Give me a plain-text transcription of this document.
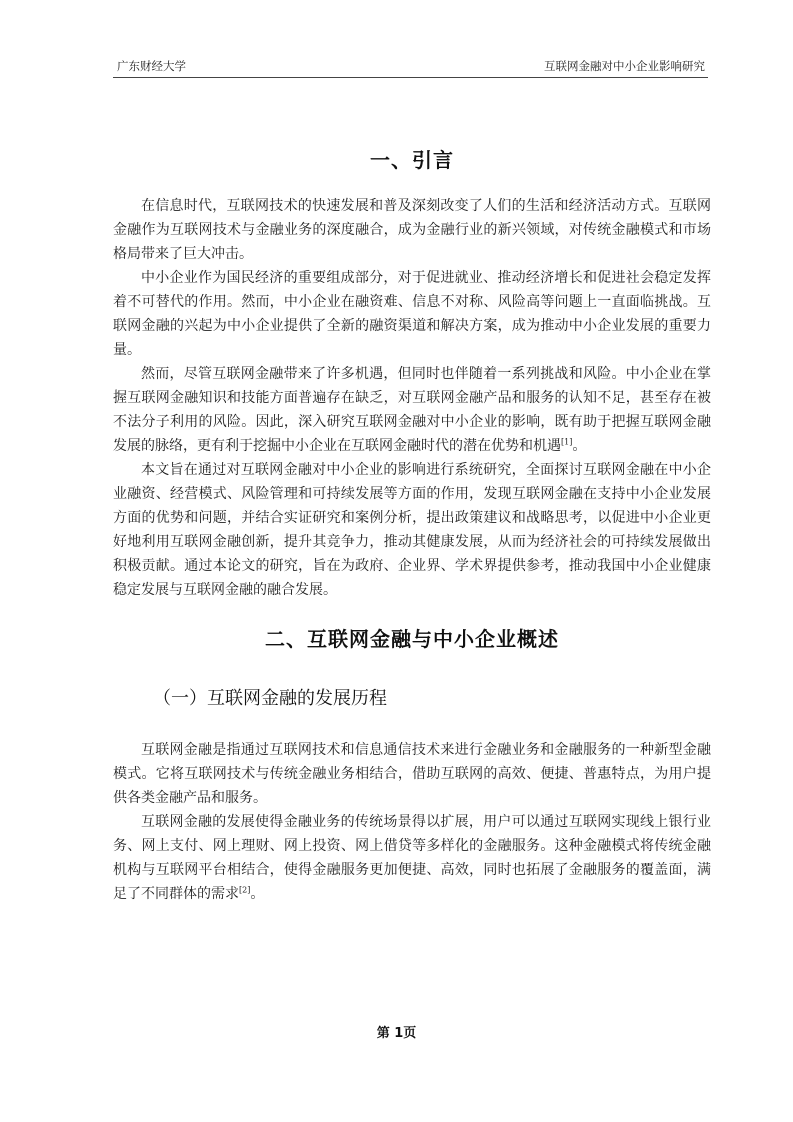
广东财经大学	互联网金融对中小企业影响研究
一、引言

在信息时代，互联网技术的快速发展和普及深刻改变了人们的生活和经济活动方式。互联网金融作为互联网技术与金融业务的深度融合，成为金融行业的新兴领域，对传统金融模式和市场格局带来了巨大冲击。

中小企业作为国民经济的重要组成部分，对于促进就业、推动经济增长和促进社会稳定发挥着不可替代的作用。然而，中小企业在融资难、信息不对称、风险高等问题上一直面临挑战。互联网金融的兴起为中小企业提供了全新的融资渠道和解决方案，成为推动中小企业发展的重要力量。

然而，尽管互联网金融带来了许多机遇，但同时也伴随着一系列挑战和风险。中小企业在掌握互联网金融知识和技能方面普遍存在缺乏，对互联网金融产品和服务的认知不足，甚至存在被不法分子利用的风险。因此，深入研究互联网金融对中小企业的影响，既有助于把握互联网金融发展的脉络，更有利于挖掘中小企业在互联网金融时代的潜在优势和机遇[1]。

本文旨在通过对互联网金融对中小企业的影响进行系统研究，全面探讨互联网金融在中小企业融资、经营模式、风险管理和可持续发展等方面的作用，发现互联网金融在支持中小企业发展方面的优势和问题，并结合实证研究和案例分析，提出政策建议和战略思考，以促进中小企业更好地利用互联网金融创新，提升其竞争力，推动其健康发展，从而为经济社会的可持续发展做出积极贡献。通过本论文的研究，旨在为政府、企业界、学术界提供参考，推动我国中小企业健康稳定发展与互联网金融的融合发展。

二、互联网金融与中小企业概述
（一）互联网金融的发展历程

互联网金融是指通过互联网技术和信息通信技术来进行金融业务和金融服务的一种新型金融模式。它将互联网技术与传统金融业务相结合，借助互联网的高效、便捷、普惠特点，为用户提供各类金融产品和服务。

互联网金融的发展使得金融业务的传统场景得以扩展，用户可以通过互联网实现线上银行业务、网上支付、网上理财、网上投资、网上借贷等多样化的金融服务。这种金融模式将传统金融机构与互联网平台相结合，使得金融服务更加便捷、高效，同时也拓展了金融服务的覆盖面，满足了不同群体的需求[2]。

第 1页
